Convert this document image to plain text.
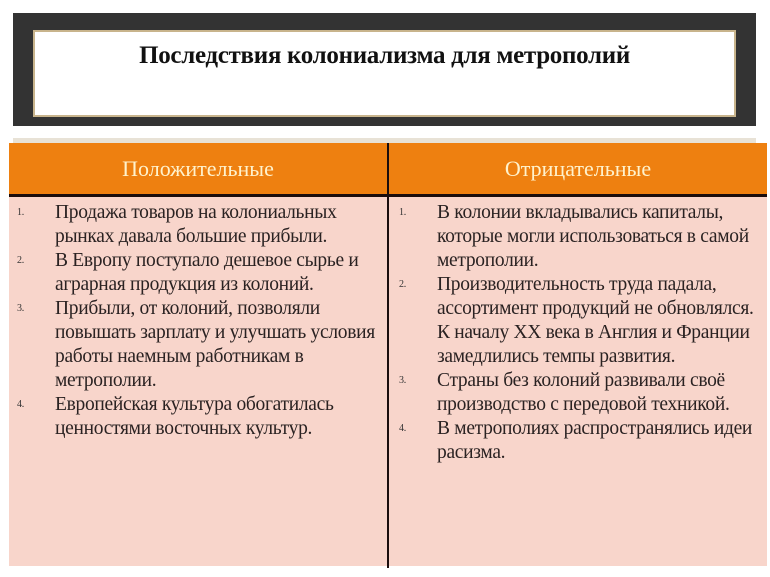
Последствия колониализма для метрополий
Положительные	Отрицательные
1. Продажа товаров на колониальных рынках давала большие прибыли.
2. В Европу поступало дешевое сырье и аграрная продукция из колоний.
3. Прибыли, от колоний, позволяли повышать зарплату и улучшать условия работы наемным работникам в метрополии.
4. Европейская культура обогатилась ценностями восточных культур.
1. В колонии вкладывались капиталы, которые могли использоваться в самой метрополии.
2. Производительность труда падала, ассортимент продукций не обновлялся. К началу XX века в Англия и Франции замедлились темпы развития.
3. Страны без колоний развивали своё производство с передовой техникой.
4. В метрополиях распространялись идеи расизма.
